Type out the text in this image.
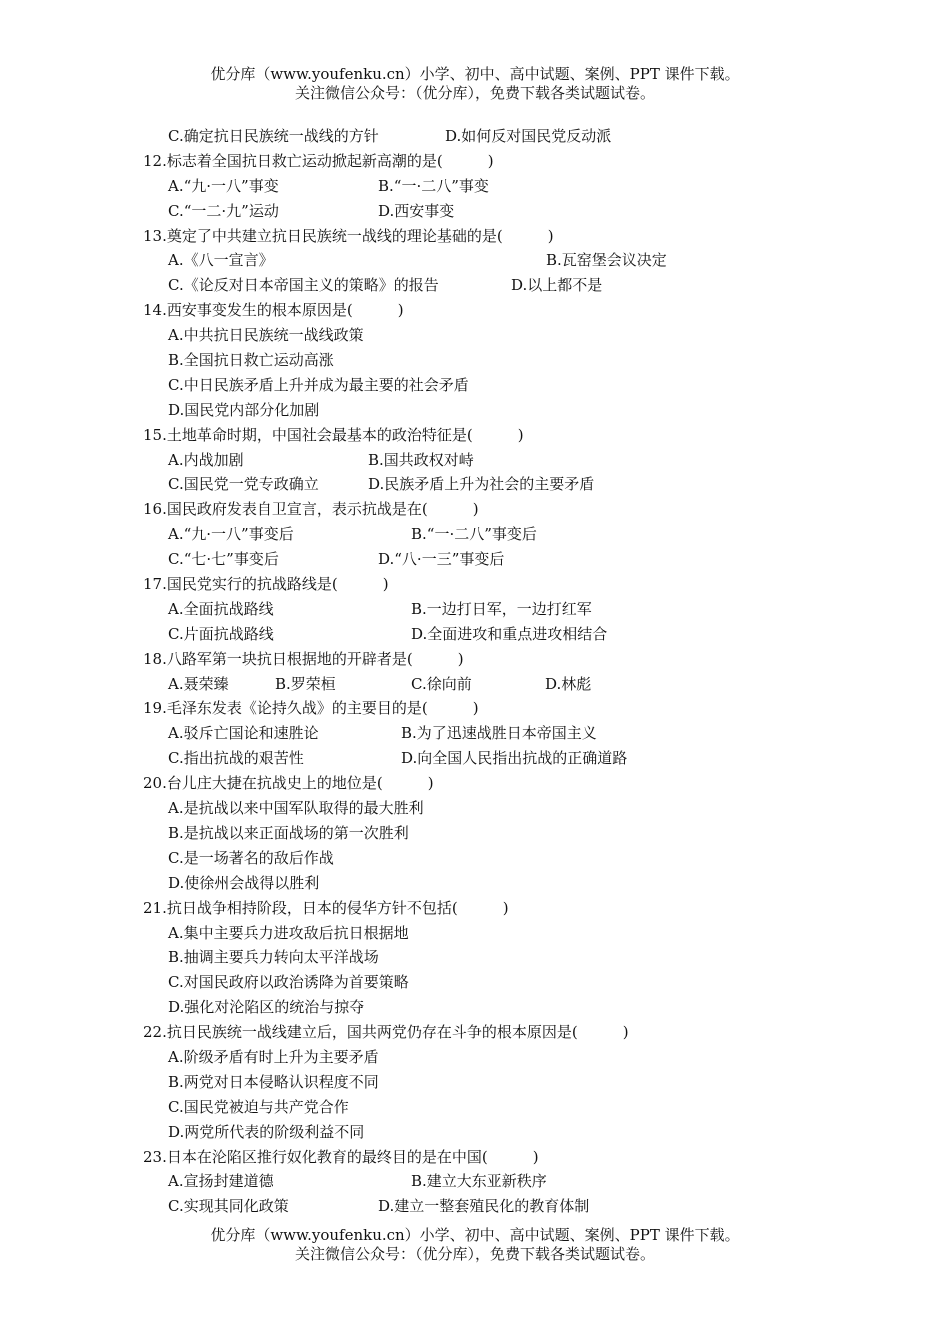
优分库（www.youfenku.cn）小学、初中、高中试题、案例、PPT 课件下载。
关注微信公众号：（优分库），免费下载各类试题试卷。
C.确定抗日民族统一战线的方针	D.如何反对国民党反动派
12.标志着全国抗日救亡运动掀起新高潮的是(　　　)
A.“九·一八”事变	B.“一·二八”事变
C.“一二·九”运动	D.西安事变
13.奠定了中共建立抗日民族统一战线的理论基础的是(　　　)
A.《八一宣言》	B.瓦窑堡会议决定
C.《论反对日本帝国主义的策略》的报告	D.以上都不是
14.西安事变发生的根本原因是(　　　)
A.中共抗日民族统一战线政策
B.全国抗日救亡运动高涨
C.中日民族矛盾上升并成为最主要的社会矛盾
D.国民党内部分化加剧
15.土地革命时期，中国社会最基本的政治特征是(　　　)
A.内战加剧	B.国共政权对峙
C.国民党一党专政确立	D.民族矛盾上升为社会的主要矛盾
16.国民政府发表自卫宣言，表示抗战是在(　　　)
A.“九·一八”事变后	B.“一·二八”事变后
C.“七·七”事变后	D.“八·一三”事变后
17.国民党实行的抗战路线是(　　　)
A.全面抗战路线	B.一边打日军，一边打红军
C.片面抗战路线	D.全面进攻和重点进攻相结合
18.八路军第一块抗日根据地的开辟者是(　　　)
A.聂荣臻	B.罗荣桓	C.徐向前	D.林彪
19.毛泽东发表《论持久战》的主要目的是(　　　)
A.驳斥亡国论和速胜论	B.为了迅速战胜日本帝国主义
C.指出抗战的艰苦性	D.向全国人民指出抗战的正确道路
20.台儿庄大捷在抗战史上的地位是(　　　)
A.是抗战以来中国军队取得的最大胜利
B.是抗战以来正面战场的第一次胜利
C.是一场著名的敌后作战
D.使徐州会战得以胜利
21.抗日战争相持阶段，日本的侵华方针不包括(　　　)
A.集中主要兵力进攻敌后抗日根据地
B.抽调主要兵力转向太平洋战场
C.对国民政府以政治诱降为首要策略
D.强化对沦陷区的统治与掠夺
22.抗日民族统一战线建立后，国共两党仍存在斗争的根本原因是(　　　)
A.阶级矛盾有时上升为主要矛盾
B.两党对日本侵略认识程度不同
C.国民党被迫与共产党合作
D.两党所代表的阶级利益不同
23.日本在沦陷区推行奴化教育的最终目的是在中国(　　　)
A.宣扬封建道德	B.建立大东亚新秩序
C.实现其同化政策	D.建立一整套殖民化的教育体制
优分库（www.youfenku.cn）小学、初中、高中试题、案例、PPT 课件下载。
关注微信公众号：（优分库），免费下载各类试题试卷。
